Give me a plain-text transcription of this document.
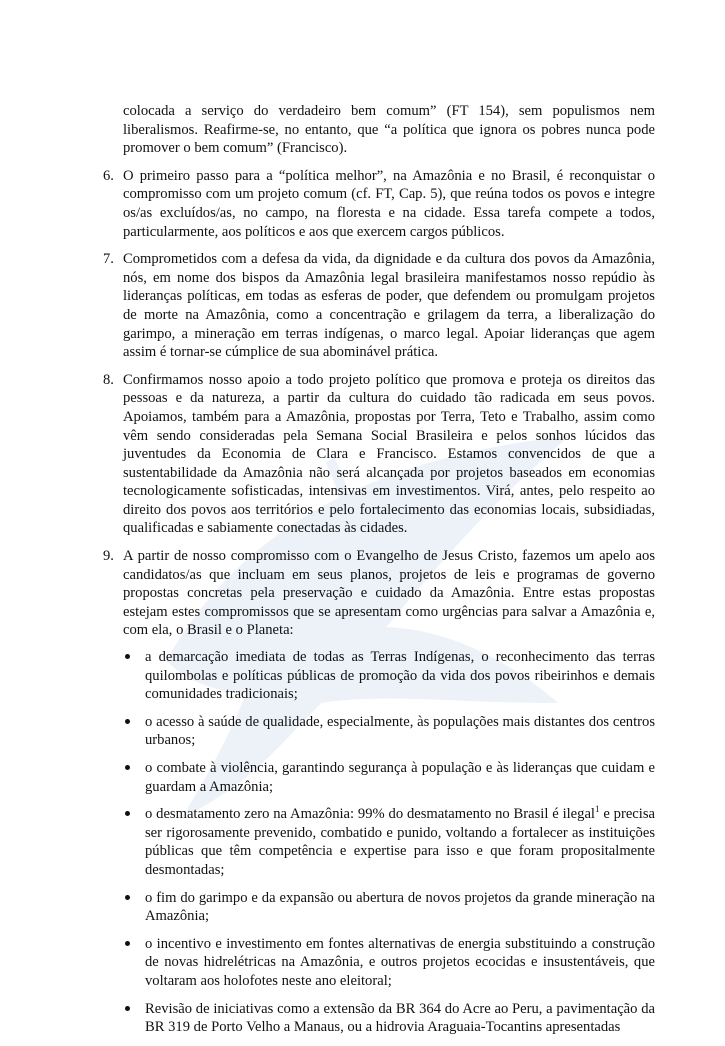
colocada a serviço do verdadeiro bem comum” (FT 154), sem populismos nem liberalismos. Reafirme-se, no entanto, que “a política que ignora os pobres nunca pode promover o bem comum” (Francisco).

6. O primeiro passo para a “política melhor”, na Amazônia e no Brasil, é reconquistar o compromisso com um projeto comum (cf. FT, Cap. 5), que reúna todos os povos e integre os/as excluídos/as, no campo, na floresta e na cidade. Essa tarefa compete a todos, particularmente, aos políticos e aos que exercem cargos públicos.

7. Comprometidos com a defesa da vida, da dignidade e da cultura dos povos da Amazônia, nós, em nome dos bispos da Amazônia legal brasileira manifestamos nosso repúdio às lideranças políticas, em todas as esferas de poder, que defendem ou promulgam projetos de morte na Amazônia, como a concentração e grilagem da terra, a liberalização do garimpo, a mineração em terras indígenas, o marco legal. Apoiar lideranças que agem assim é tornar-se cúmplice de sua abominável prática.

8. Confirmamos nosso apoio a todo projeto político que promova e proteja os direitos das pessoas e da natureza, a partir da cultura do cuidado tão radicada em seus povos. Apoiamos, também para a Amazônia, propostas por Terra, Teto e Trabalho, assim como vêm sendo consideradas pela Semana Social Brasileira e pelos sonhos lúcidos das juventudes da Economia de Clara e Francisco. Estamos convencidos de que a sustentabilidade da Amazônia não será alcançada por projetos baseados em economias tecnologicamente sofisticadas, intensivas em investimentos. Virá, antes, pelo respeito ao direito dos povos aos territórios e pelo fortalecimento das economias locais, subsidiadas, qualificadas e sabiamente conectadas às cidades.

9. A partir de nosso compromisso com o Evangelho de Jesus Cristo, fazemos um apelo aos candidatos/as que incluam em seus planos, projetos de leis e programas de governo propostas concretas pela preservação e cuidado da Amazônia. Entre estas propostas estejam estes compromissos que se apresentam como urgências para salvar a Amazônia e, com ela, o Brasil e o Planeta:

a demarcação imediata de todas as Terras Indígenas, o reconhecimento das terras quilombolas e políticas públicas de promoção da vida dos povos ribeirinhos e demais comunidades tradicionais;
o acesso à saúde de qualidade, especialmente, às populações mais distantes dos centros urbanos;
o combate à violência, garantindo segurança à população e às lideranças que cuidam e guardam a Amazônia;
o desmatamento zero na Amazônia: 99% do desmatamento no Brasil é ilegal$^1$ e precisa ser rigorosamente prevenido, combatido e punido, voltando a fortalecer as instituições públicas que têm competência e expertise para isso e que foram propositalmente desmontadas;
o fim do garimpo e da expansão ou abertura de novos projetos da grande mineração na Amazônia;
o incentivo e investimento em fontes alternativas de energia substituindo a construção de novas hidrelétricas na Amazônia, e outros projetos ecocidas e insustentáveis, que voltaram aos holofotes neste ano eleitoral;
Revisão de iniciativas como a extensão da BR 364 do Acre ao Peru, a pavimentação da BR 319 de Porto Velho a Manaus, ou a hidrovia Araguaia-Tocantins apresentadas
